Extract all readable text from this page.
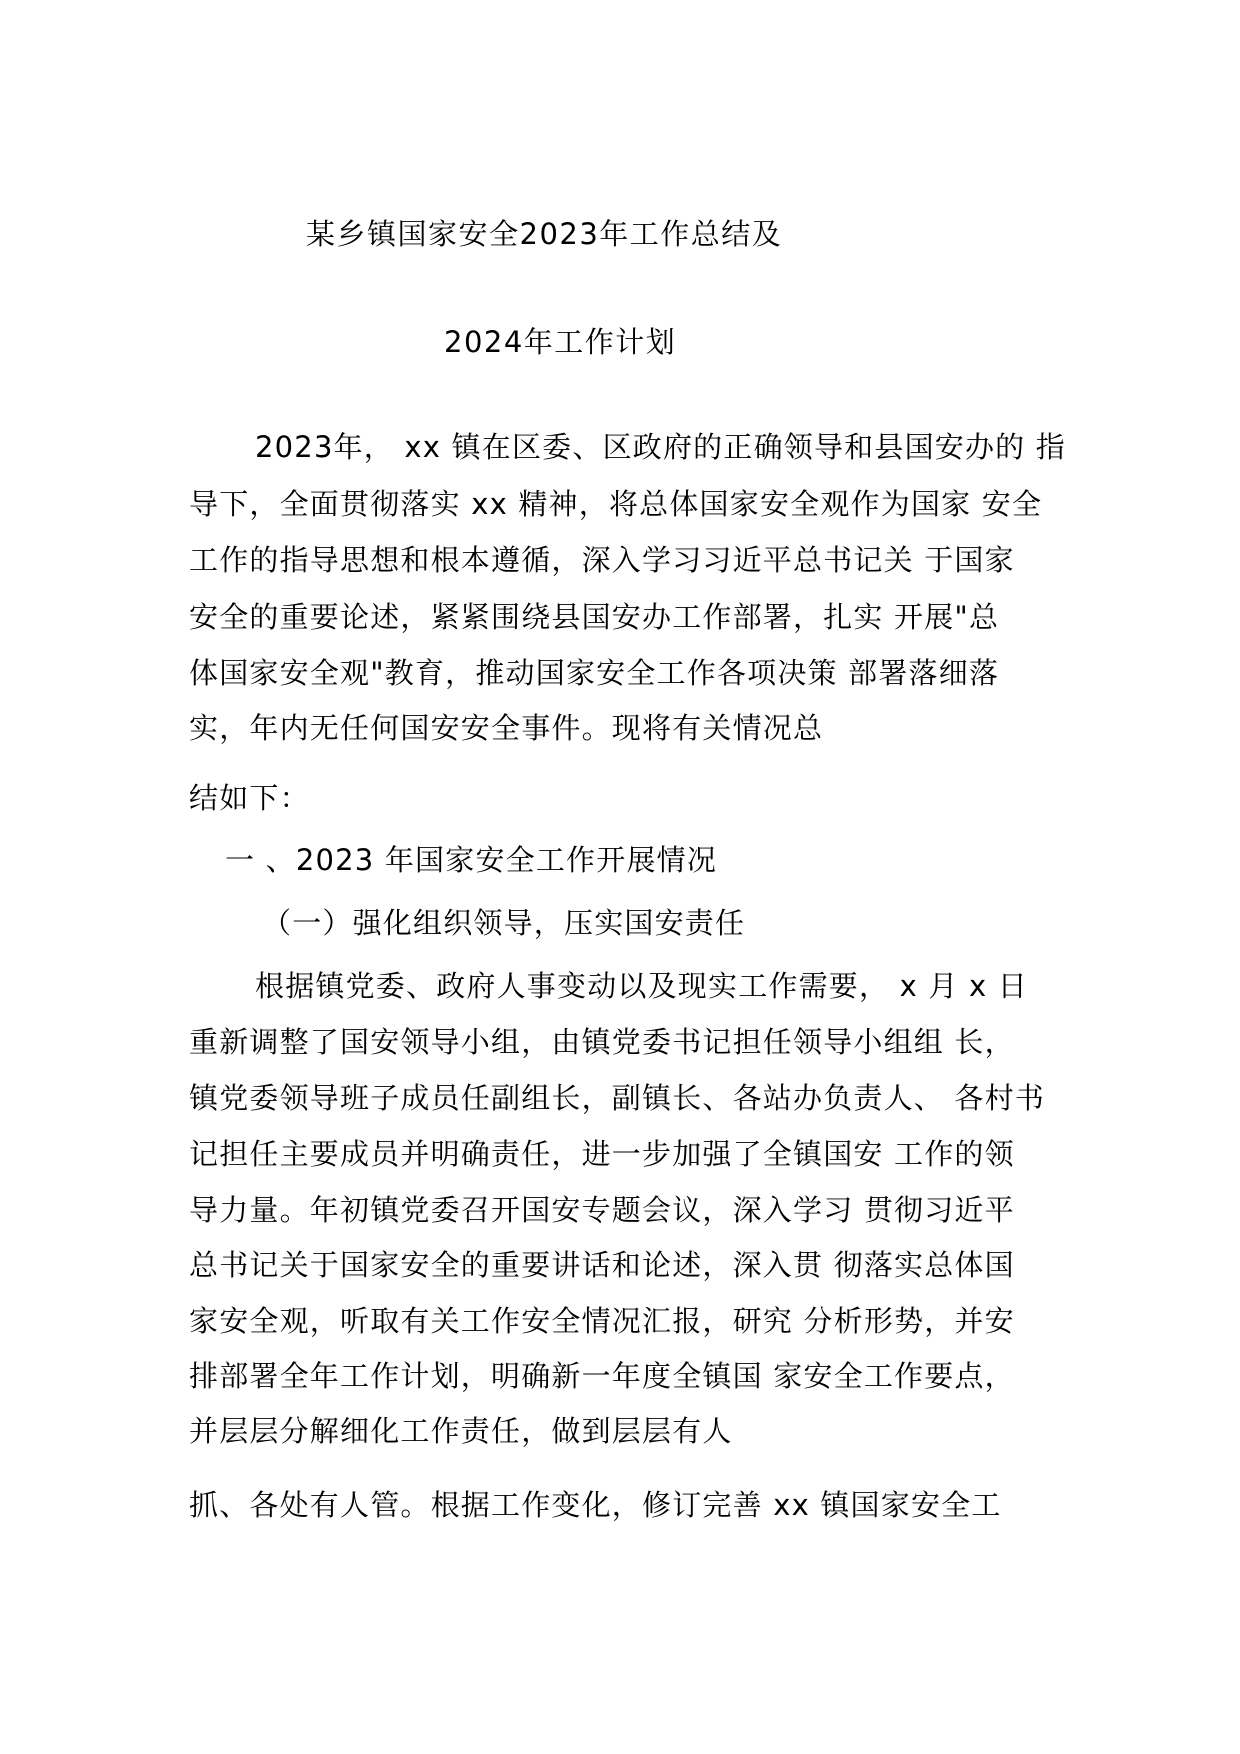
某乡镇国家安全2023年工作总结及
2024年工作计划
2023年， xx 镇在区委、区政府的正确领导和县国安办的 指
导下，全面贯彻落实 xx 精神，将总体国家安全观作为国家 安全
工作的指导思想和根本遵循，深入学习习近平总书记关 于国家
安全的重要论述，紧紧围绕县国安办工作部署，扎实 开展"总
体国家安全观"教育，推动国家安全工作各项决策 部署落细落
实，年内无任何国安安全事件。现将有关情况总
结如下：
一 、2023 年国家安全工作开展情况
（一）强化组织领导，压实国安责任
根据镇党委、政府人事变动以及现实工作需要， x 月 x 日
重新调整了国安领导小组，由镇党委书记担任领导小组组 长，
镇党委领导班子成员任副组长，副镇长、各站办负责人、 各村书
记担任主要成员并明确责任，进一步加强了全镇国安 工作的领
导力量。年初镇党委召开国安专题会议，深入学习 贯彻习近平
总书记关于国家安全的重要讲话和论述，深入贯 彻落实总体国
家安全观，听取有关工作安全情况汇报，研究 分析形势，并安
排部署全年工作计划，明确新一年度全镇国 家安全工作要点，
并层层分解细化工作责任，做到层层有人
抓、各处有人管。根据工作变化，修订完善 xx 镇国家安全工
